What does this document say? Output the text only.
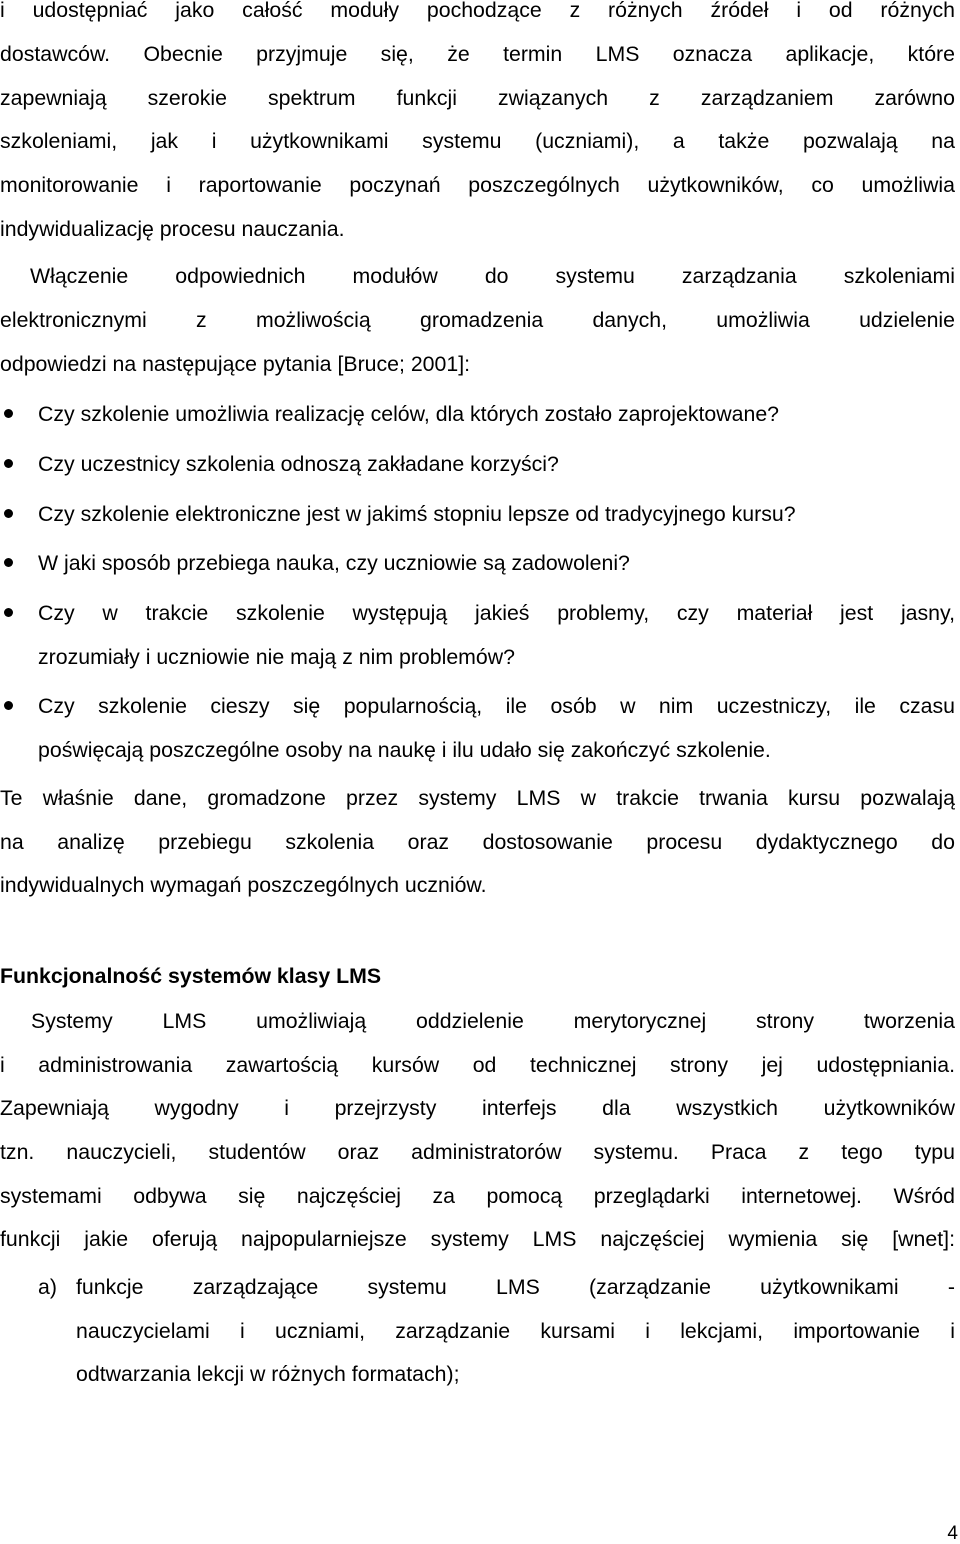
i udostępniać jako całość moduły pochodzące z różnych źródeł i od różnych
dostawców. Obecnie przyjmuje się, że termin LMS oznacza aplikacje, które
zapewniają szerokie spektrum funkcji związanych z zarządzaniem zarówno
szkoleniami, jak i użytkownikami systemu (uczniami), a także pozwalają na
monitorowanie i raportowanie poczynań poszczególnych użytkowników, co umożliwia
indywidualizację procesu nauczania.
Włączenie odpowiednich modułów do systemu zarządzania szkoleniami
elektronicznymi z możliwością gromadzenia danych, umożliwia udzielenie
odpowiedzi na następujące pytania [Bruce; 2001]:
Czy szkolenie umożliwia realizację celów, dla których zostało zaprojektowane?
Czy uczestnicy szkolenia odnoszą zakładane korzyści?
Czy szkolenie elektroniczne jest w jakimś stopniu lepsze od tradycyjnego kursu?
W jaki sposób przebiega nauka, czy uczniowie są zadowoleni?
Czy w trakcie szkolenie występują jakieś problemy, czy materiał jest jasny,
zrozumiały i uczniowie nie mają z nim problemów?
Czy szkolenie cieszy się popularnością, ile osób w nim uczestniczy, ile czasu
poświęcają poszczególne osoby na naukę i ilu udało się zakończyć szkolenie.
Te właśnie dane, gromadzone przez systemy LMS w trakcie trwania kursu pozwalają
na analizę przebiegu szkolenia oraz dostosowanie procesu dydaktycznego do
indywidualnych wymagań poszczególnych uczniów.
Funkcjonalność systemów klasy LMS
Systemy LMS umożliwiają oddzielenie merytorycznej strony tworzenia
i administrowania zawartością kursów od technicznej strony jej udostępniania.
Zapewniają wygodny i przejrzysty interfejs dla wszystkich użytkowników
tzn. nauczycieli, studentów oraz administratorów systemu. Praca z tego typu
systemami odbywa się najczęściej za pomocą przeglądarki internetowej. Wśród
funkcji jakie oferują najpopularniejsze systemy LMS najczęściej wymienia się [wnet]:
a) funkcje zarządzające systemu LMS (zarządzanie użytkownikami -
nauczycielami i uczniami, zarządzanie kursami i lekcjami, importowanie i
odtwarzania lekcji w różnych formatach);
4
